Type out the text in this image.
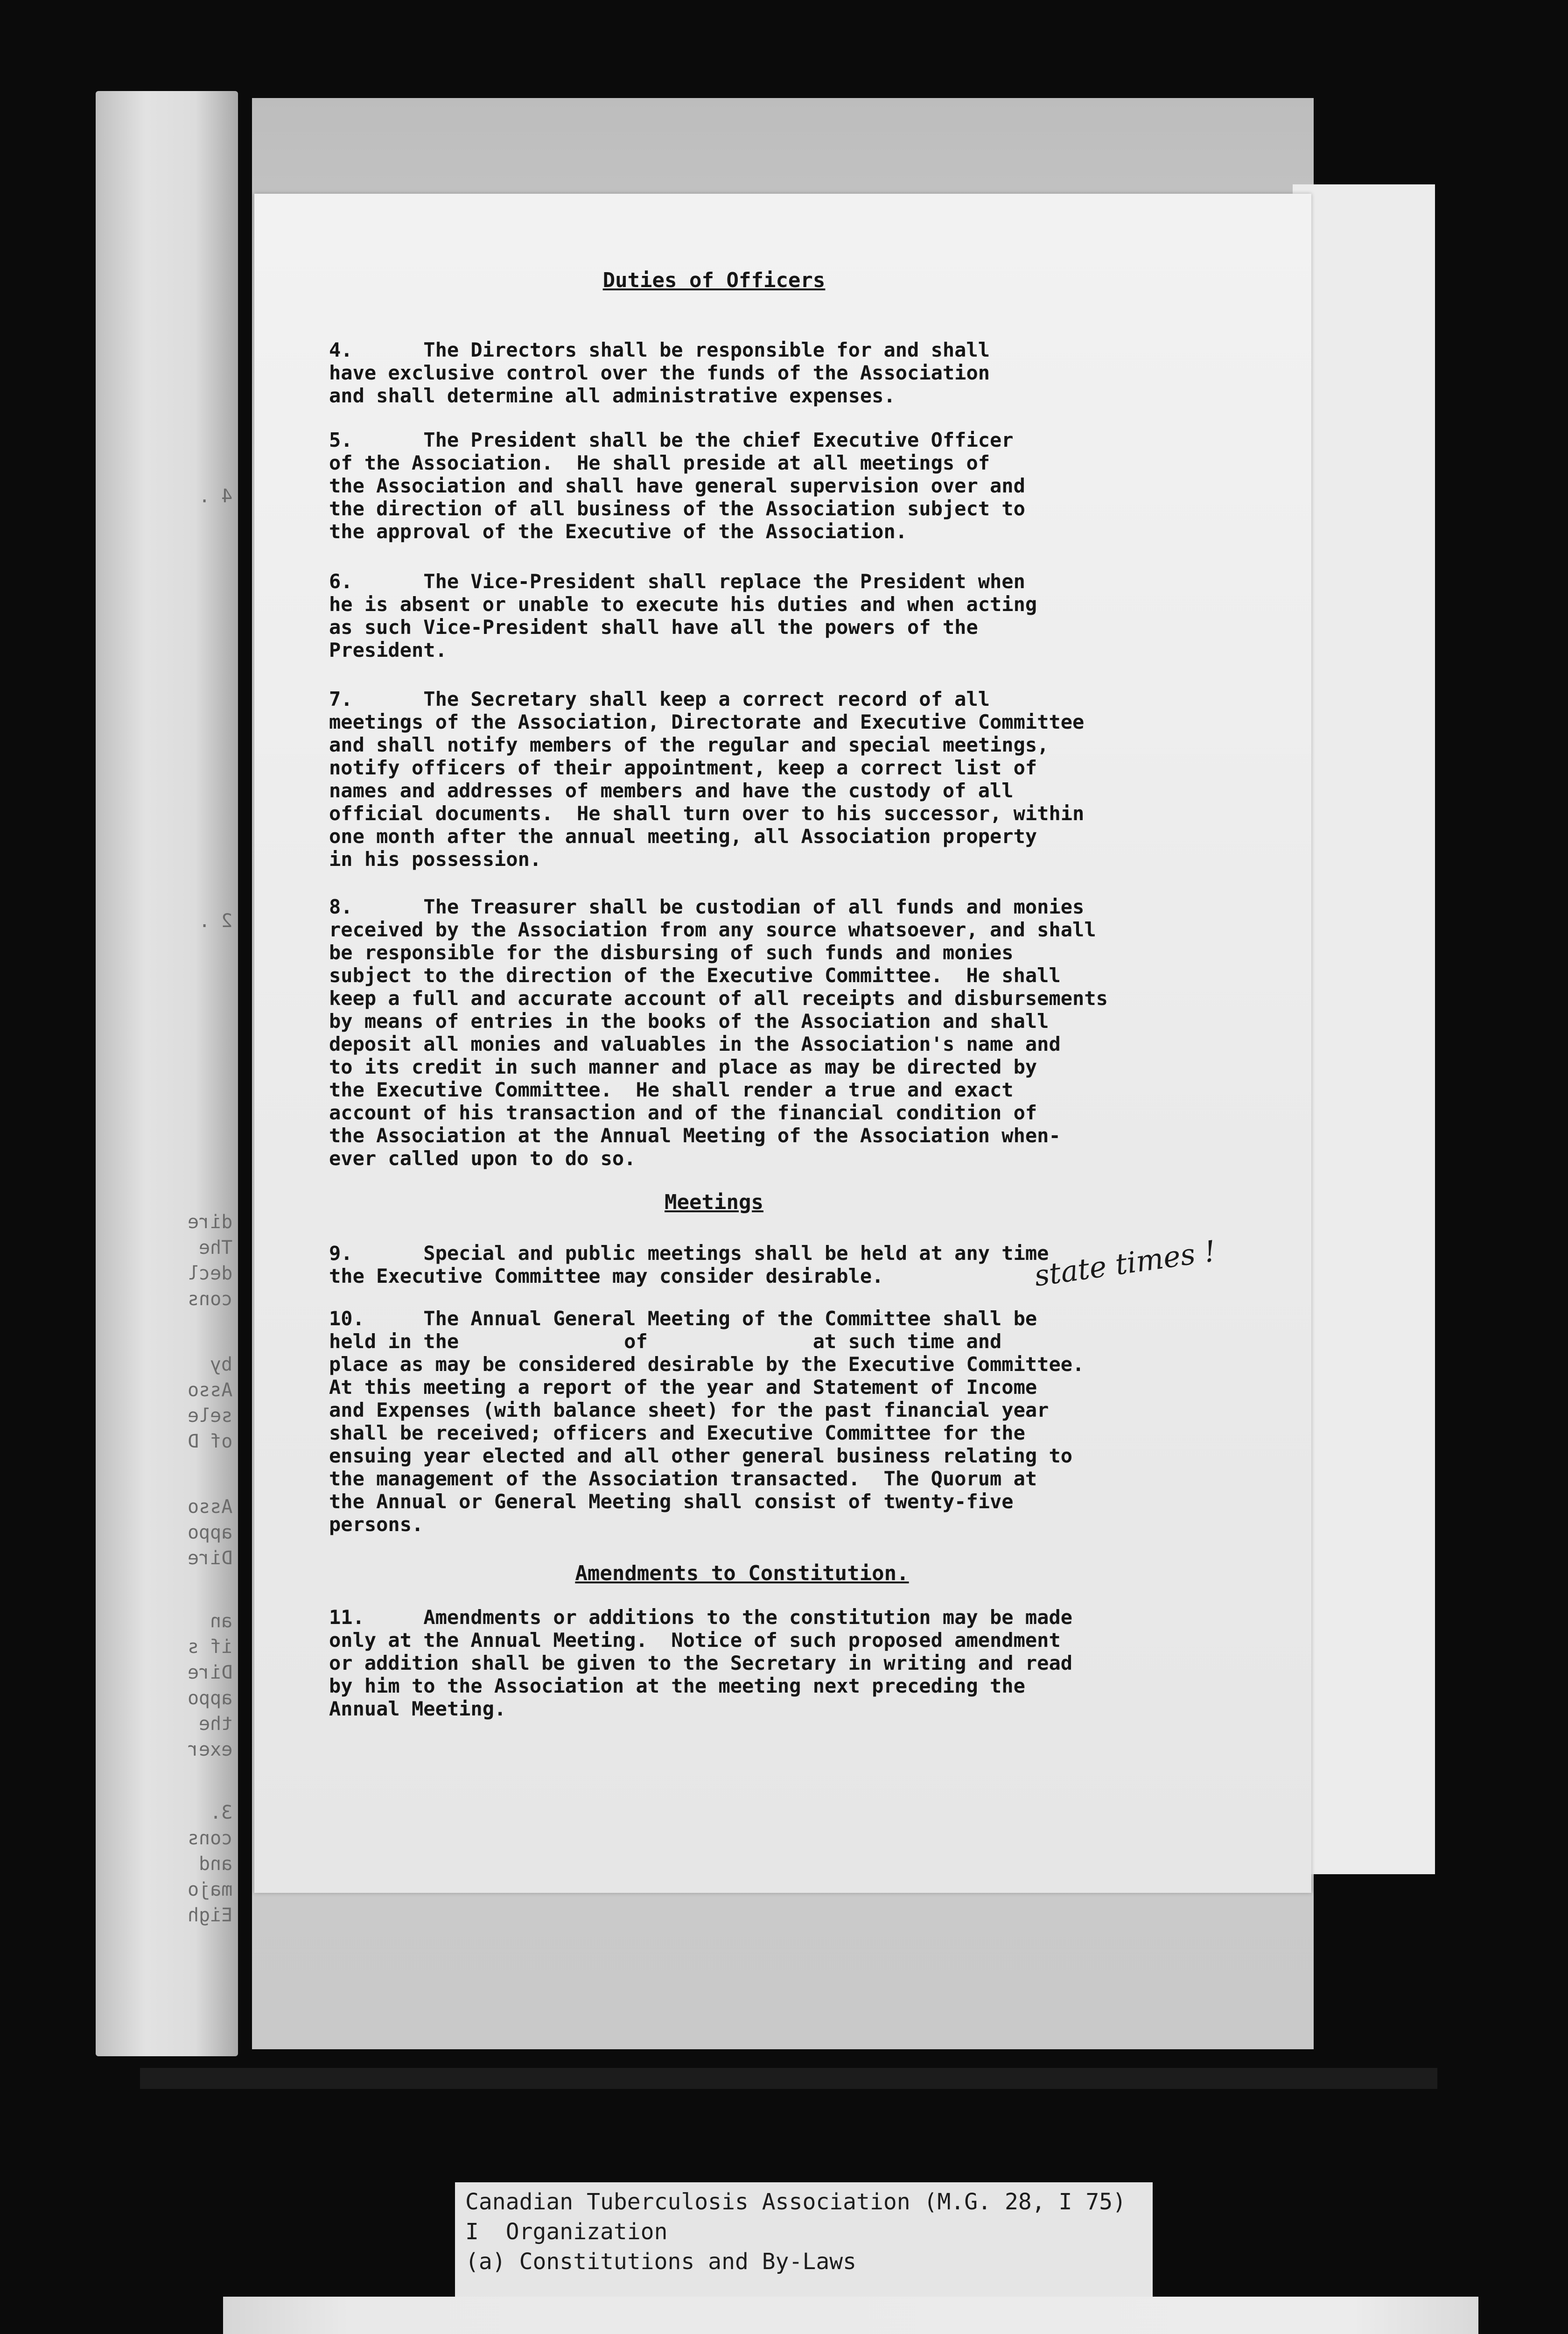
4 .
2 .
dire
The
decl
cons
by
Asso
sele
of D
Asso
appo
Dire
an
if s
Dire
appo
the
exer
3.
cons
and
majo
Eigh
Duties of Officers
4.      The Directors shall be responsible for and shall
have exclusive control over the funds of the Association
and shall determine all administrative expenses.
5.      The President shall be the chief Executive Officer
of the Association.  He shall preside at all meetings of
the Association and shall have general supervision over and
the direction of all business of the Association subject to
the approval of the Executive of the Association.
6.      The Vice-President shall replace the President when
he is absent or unable to execute his duties and when acting
as such Vice-President shall have all the powers of the
President.
7.      The Secretary shall keep a correct record of all
meetings of the Association, Directorate and Executive Committee
and shall notify members of the regular and special meetings,
notify officers of their appointment, keep a correct list of
names and addresses of members and have the custody of all
official documents.  He shall turn over to his successor, within
one month after the annual meeting, all Association property
in his possession.
8.      The Treasurer shall be custodian of all funds and monies
received by the Association from any source whatsoever, and shall
be responsible for the disbursing of such funds and monies
subject to the direction of the Executive Committee.  He shall
keep a full and accurate account of all receipts and disbursements
by means of entries in the books of the Association and shall
deposit all monies and valuables in the Association's name and
to its credit in such manner and place as may be directed by
the Executive Committee.  He shall render a true and exact
account of his transaction and of the financial condition of
the Association at the Annual Meeting of the Association when-
ever called upon to do so.
Meetings
9.      Special and public meetings shall be held at any time
the Executive Committee may consider desirable.	state times !
10.     The Annual General Meeting of the Committee shall be
held in the              of              at such time and
place as may be considered desirable by the Executive Committee.
At this meeting a report of the year and Statement of Income
and Expenses (with balance sheet) for the past financial year
shall be received; officers and Executive Committee for the
ensuing year elected and all other general business relating to
the management of the Association transacted.  The Quorum at
the Annual or General Meeting shall consist of twenty-five
persons.
Amendments to Constitution.
11.     Amendments or additions to the constitution may be made
only at the Annual Meeting.  Notice of such proposed amendment
or addition shall be given to the Secretary in writing and read
by him to the Association at the meeting next preceding the
Annual Meeting.
Canadian Tuberculosis Association (M.G. 28, I 75)
I  Organization
(a) Constitutions and By-Laws
